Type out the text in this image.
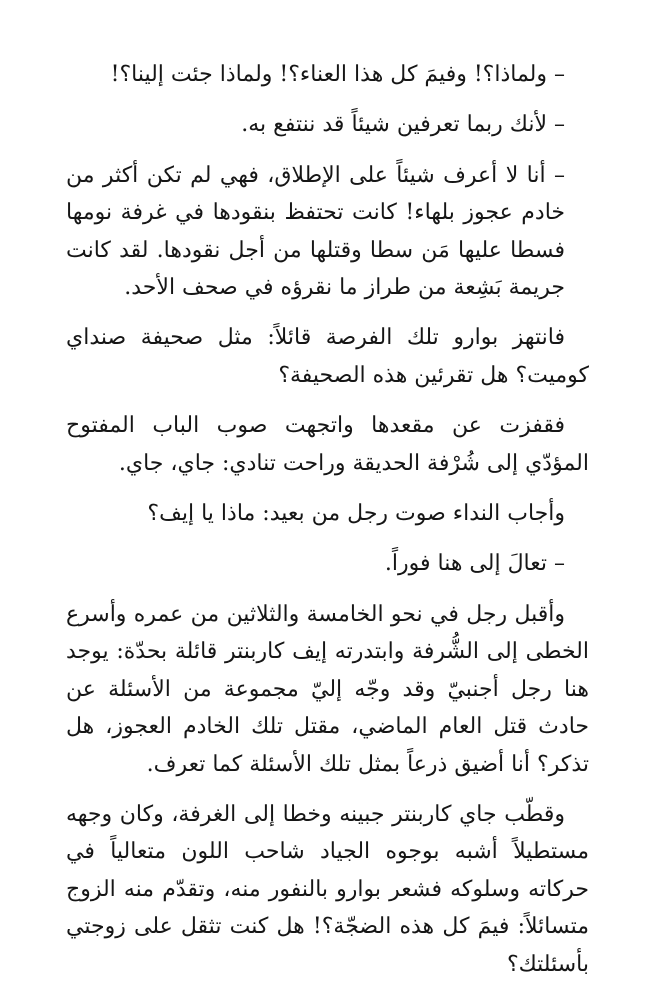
– ولماذا؟! وفيمَ كل هذا العناء؟! ولماذا جئت إلينا؟!

– لأنك ربما تعرفين شيئاً قد ننتفع به.

– أنا لا أعرف شيئاً على الإطلاق، فهي لم تكن أكثر من خادم عجوز بلهاء! كانت تحتفظ بنقودها في غرفة نومها فسطا عليها مَن سطا وقتلها من أجل نقودها. لقد كانت جريمة بَشِعة من طراز ما نقرؤه في صحف الأحد.

فانتهز بوارو تلك الفرصة قائلاً: مثل صحيفة صنداي كوميت؟ هل تقرئين هذه الصحيفة؟

فقفزت عن مقعدها واتجهت صوب الباب المفتوح المؤدّي إلى شُرْفة الحديقة وراحت تنادي: جاي، جاي.

وأجاب النداء صوت رجل من بعيد: ماذا يا إيف؟

– تعالَ إلى هنا فوراً.

وأقبل رجل في نحو الخامسة والثلاثين من عمره وأسرع الخطى إلى الشُّرفة وابتدرته إيف كاربنتر قائلة بحدّة: يوجد هنا رجل أجنبيّ وقد وجّه إليّ مجموعة من الأسئلة عن حادث قتل العام الماضي، مقتل تلك الخادم العجوز، هل تذكر؟ أنا أضيق ذرعاً بمثل تلك الأسئلة كما تعرف.

وقطّب جاي كاربنتر جبينه وخطا إلى الغرفة، وكان وجهه مستطيلاً أشبه بوجوه الجياد شاحب اللون متعالياً في حركاته وسلوكه فشعر بوارو بالنفور منه، وتقدّم منه الزوج متسائلاً: فيمَ كل هذه الضجّة؟! هل كنت تثقل على زوجتي بأسئلتك؟
